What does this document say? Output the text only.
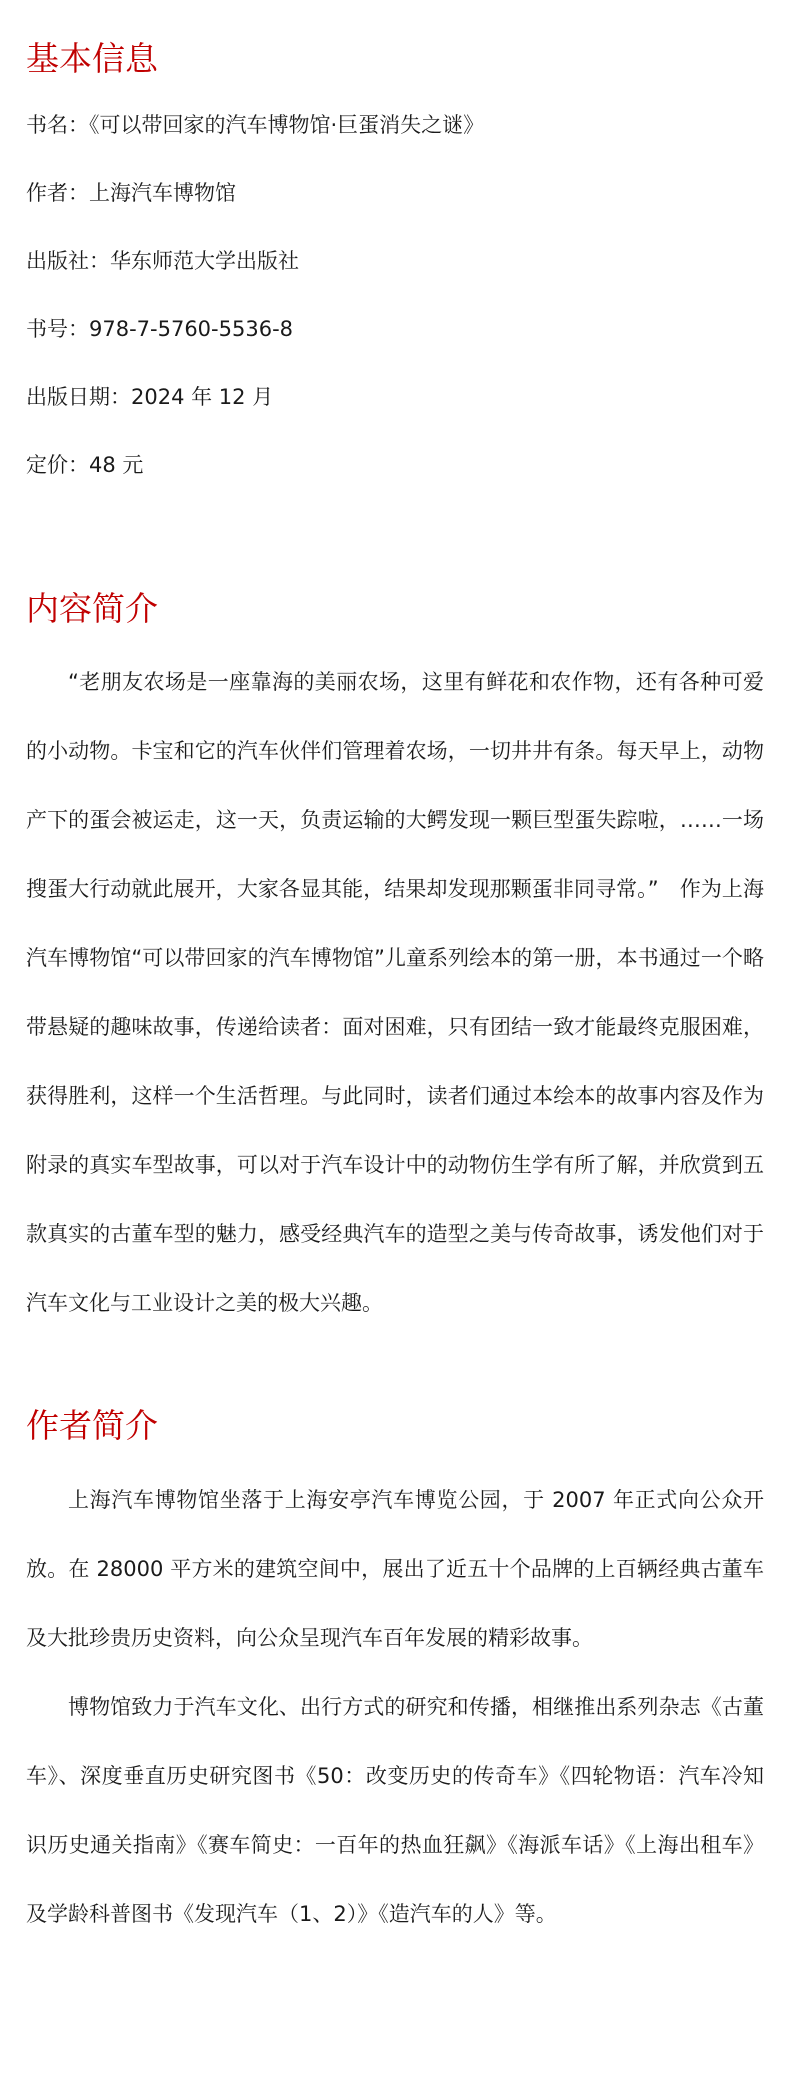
基本信息

书名：《可以带回家的汽车博物馆·巨蛋消失之谜》

作者：上海汽车博物馆

出版社：华东师范大学出版社

书号：978-7-5760-5536-8

出版日期：2024 年 12 月

定价：48 元

内容简介

“老朋友农场是一座靠海的美丽农场，这里有鲜花和农作物，还有各种可爱的小动物。卡宝和它的汽车伙伴们管理着农场，一切井井有条。每天早上，动物产下的蛋会被运走，这一天，负责运输的大鳄发现一颗巨型蛋失踪啦，……一场搜蛋大行动就此展开，大家各显其能，结果却发现那颗蛋非同寻常。”　作为上海汽车博物馆“可以带回家的汽车博物馆”儿童系列绘本的第一册，本书通过一个略带悬疑的趣味故事，传递给读者：面对困难，只有团结一致才能最终克服困难，获得胜利，这样一个生活哲理。与此同时，读者们通过本绘本的故事内容及作为附录的真实车型故事，可以对于汽车设计中的动物仿生学有所了解，并欣赏到五款真实的古董车型的魅力，感受经典汽车的造型之美与传奇故事，诱发他们对于汽车文化与工业设计之美的极大兴趣。

作者简介

上海汽车博物馆坐落于上海安亭汽车博览公园，于 2007 年正式向公众开放。在 28000 平方米的建筑空间中，展出了近五十个品牌的上百辆经典古董车及大批珍贵历史资料，向公众呈现汽车百年发展的精彩故事。

博物馆致力于汽车文化、出行方式的研究和传播，相继推出系列杂志《古董车》、深度垂直历史研究图书《50：改变历史的传奇车》《四轮物语：汽车冷知识历史通关指南》《赛车简史：一百年的热血狂飙》《海派车话》《上海出租车》及学龄科普图书《发现汽车（1、2）》《造汽车的人》等。
